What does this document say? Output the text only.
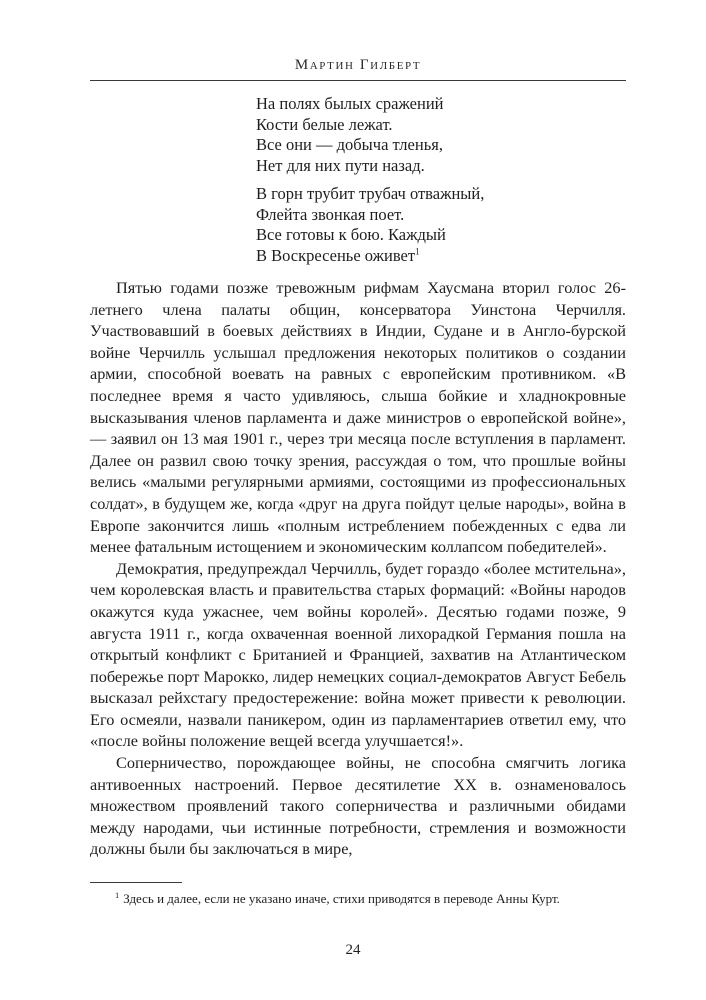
Мартин Гилберт
На полях былых сражений
Кости белые лежат.
Все они — добыча тленья,
Нет для них пути назад.
В горн трубит трубач отважный,
Флейта звонкая поет.
Все готовы к бою. Каждый
В Воскресенье оживет$^1$

Пятью годами позже тревожным рифмам Хаусмана вторил голос 26-летнего члена палаты общин, консерватора Уинстона Черчилля. Участвовавший в боевых действиях в Индии, Судане и в Англо-бурской войне Черчилль услышал предложения некоторых политиков о создании армии, способной воевать на равных с европейским противником. «В последнее время я часто удивляюсь, слыша бойкие и хладнокровные высказывания членов парламента и даже министров о европейской войне», — заявил он 13 мая 1901 г., через три месяца после вступления в парламент. Далее он развил свою точку зрения, рассуждая о том, что прошлые войны велись «малыми регулярными армиями, состоящими из профессиональных солдат», в будущем же, когда «друг на друга пойдут целые народы», война в Европе закончится лишь «полным истреблением побежденных с едва ли менее фатальным истощением и экономическим коллапсом победителей».

Демократия, предупреждал Черчилль, будет гораздо «более мстительна», чем королевская власть и правительства старых формаций: «Войны народов окажутся куда ужаснее, чем войны королей». Десятью годами позже, 9 августа 1911 г., когда охваченная военной лихорадкой Германия пошла на открытый конфликт с Британией и Францией, захватив на Атлантическом побережье порт Марокко, лидер немецких социал-демократов Август Бебель высказал рейхстагу предостережение: война может привести к революции. Его осмеяли, назвали паникером, один из парламентариев ответил ему, что «после войны положение вещей всегда улучшается!».

Соперничество, порождающее войны, не способна смягчить логика антивоенных настроений. Первое десятилетие XX в. ознаменовалось множеством проявлений такого соперничества и различными обидами между народами, чьи истинные потребности, стремления и возможности должны были бы заключаться в мире,

$^1$ Здесь и далее, если не указано иначе, стихи приводятся в переводе Анны Курт.
24
